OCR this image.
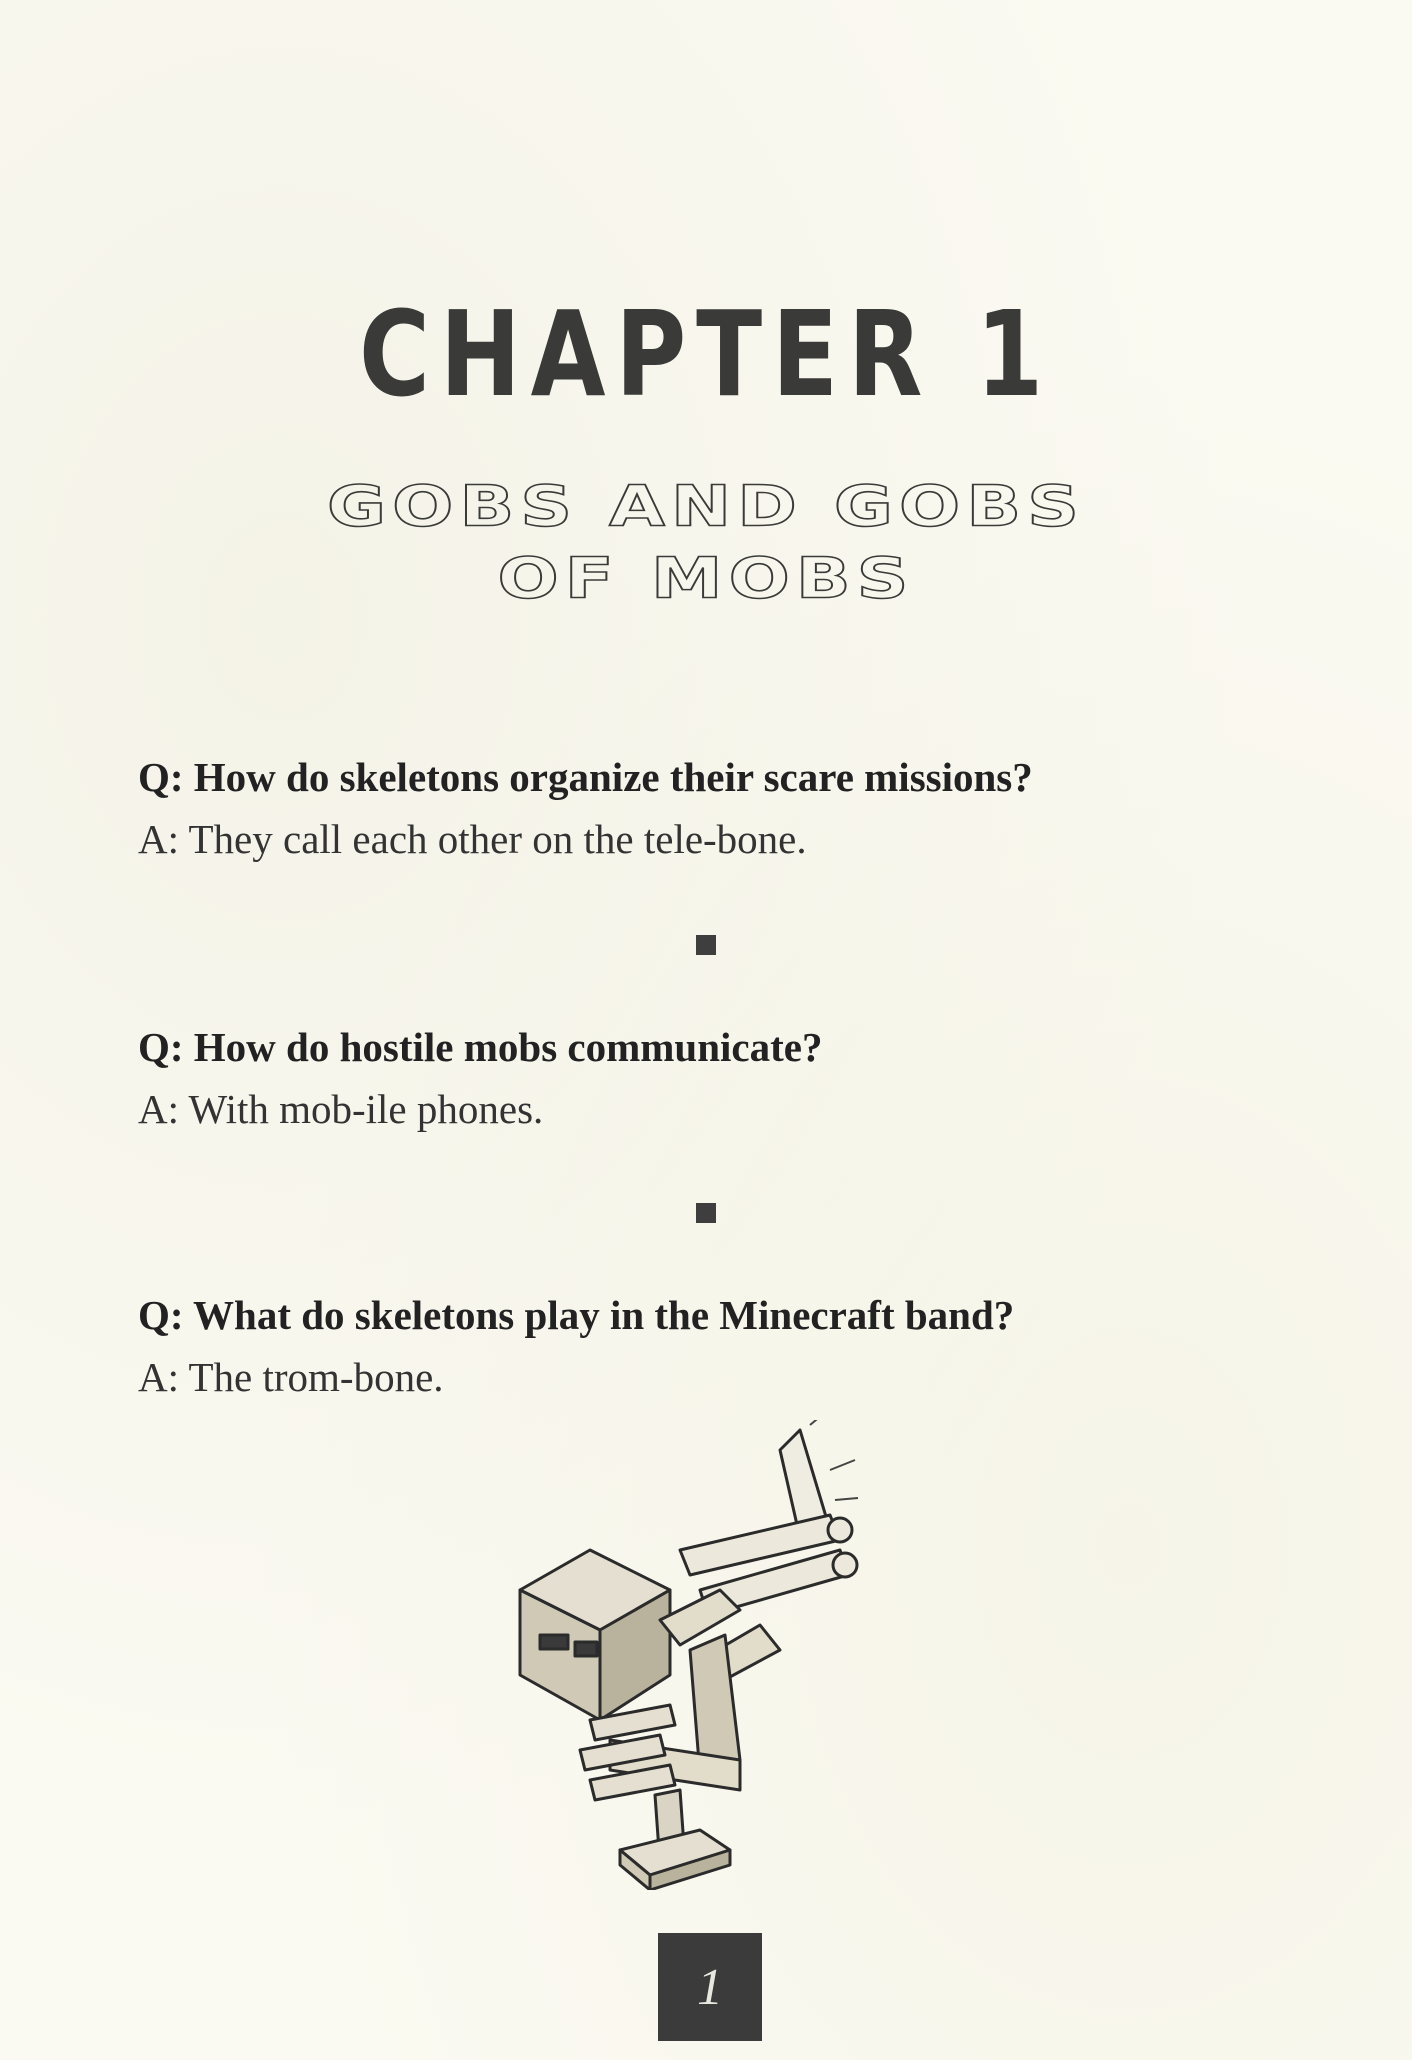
CHAPTER 1
GOBS AND GOBS
OF MOBS

Q: How do skeletons organize their scare missions?

A: They call each other on the tele-bone.

Q: How do hostile mobs communicate?

A: With mob-ile phones.

Q: What do skeletons play in the Minecraft band?

A: The trom-bone.

1
